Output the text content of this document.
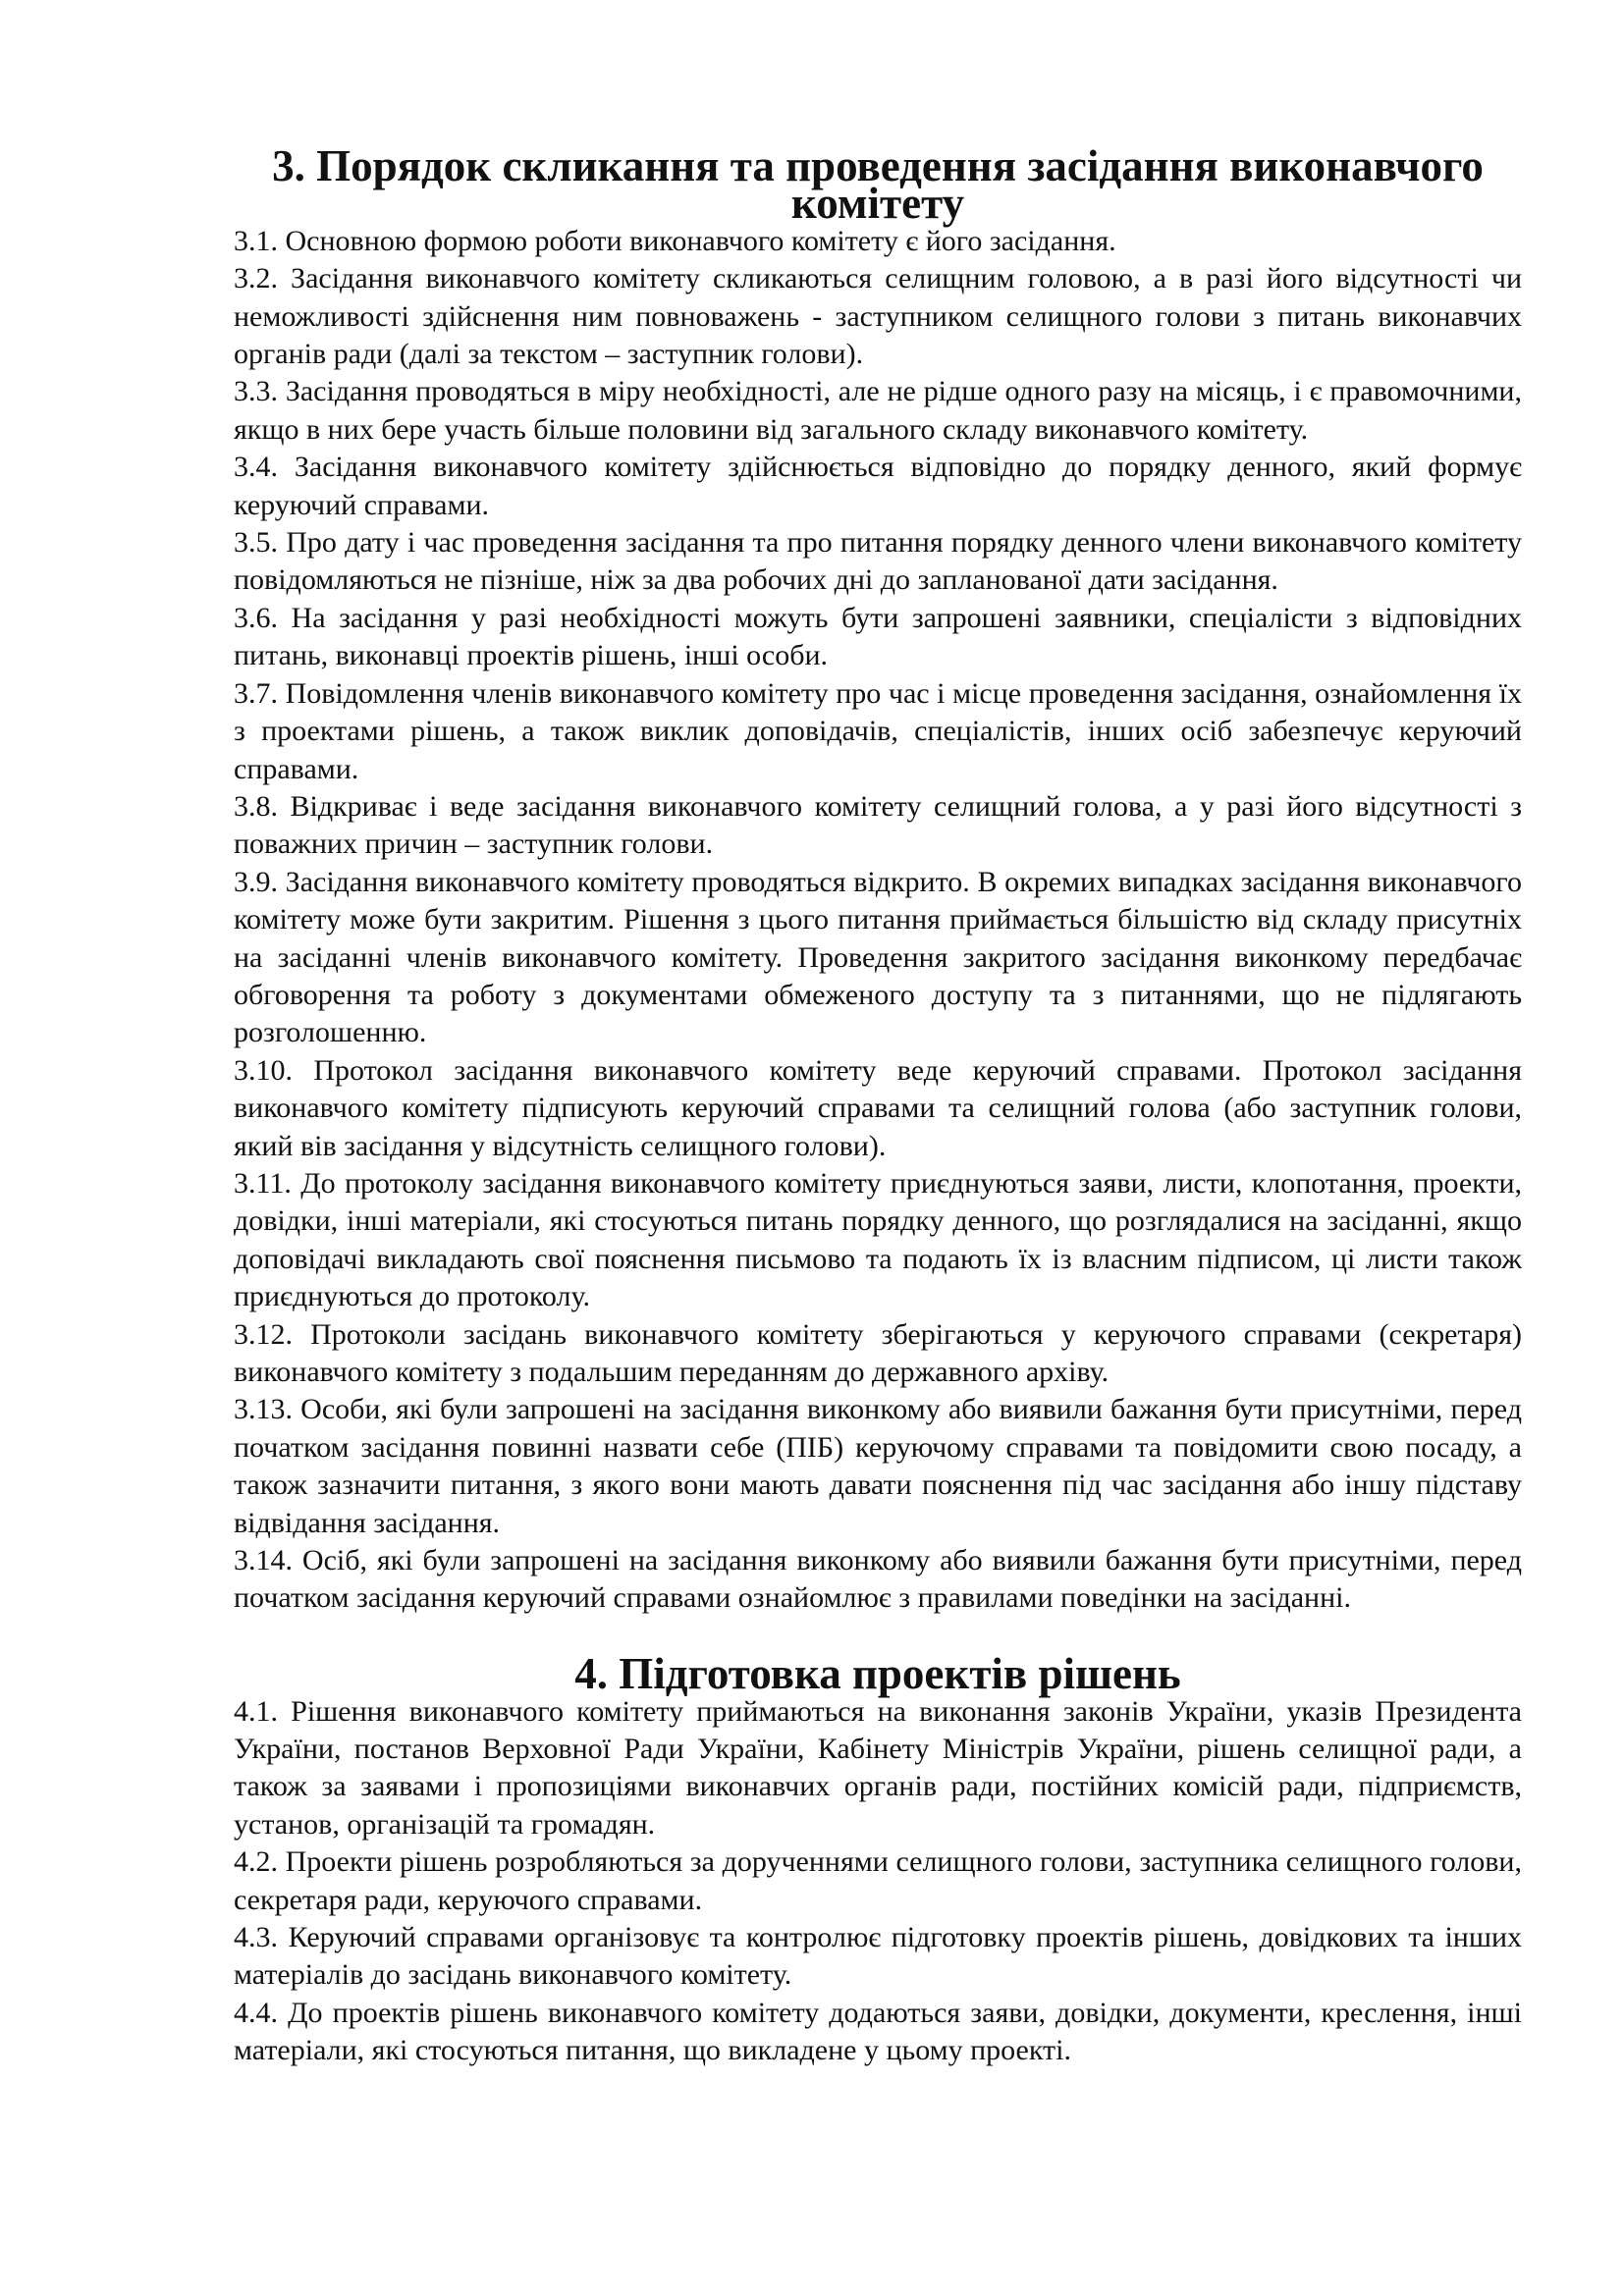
3. Порядок скликання та проведення засідання виконавчого комітету

3.1. Основною формою роботи виконавчого комітету є його засідання.

3.2. Засідання виконавчого комітету скликаються селищним головою, а в разі його відсутності чи неможливості здійснення ним повноважень - заступником селищного голови з питань виконавчих органів ради (далі за текстом – заступник голови).

3.3. Засідання проводяться в міру необхідності, але не рідше одного разу на місяць, і є правомочними, якщо в них бере участь більше половини від загального складу виконавчого комітету.

3.4. Засідання виконавчого комітету здійснюється відповідно до порядку денного, який формує керуючий справами.

3.5. Про дату і час проведення засідання та про питання порядку денного члени виконавчого комітету повідомляються не пізніше, ніж за два робочих дні до запланованої дати засідання.

3.6. На засідання у разі необхідності можуть бути запрошені заявники, спеціалісти з відповідних питань, виконавці проектів рішень, інші особи.

3.7. Повідомлення членів виконавчого комітету про час і місце проведення засідання, ознайомлення їх з проектами рішень, а також виклик доповідачів, спеціалістів, інших осіб забезпечує керуючий справами.

3.8. Відкриває і веде засідання виконавчого комітету селищний голова, а у разі його відсутності з поважних причин – заступник голови.

3.9. Засідання виконавчого комітету проводяться відкрито. В окремих випадках засідання виконавчого комітету може бути закритим. Рішення з цього питання приймається більшістю від складу присутніх на засіданні членів виконавчого комітету. Проведення закритого засідання виконкому передбачає обговорення та роботу з документами обмеженого доступу та з питаннями, що не підлягають розголошенню.

3.10. Протокол засідання виконавчого комітету веде керуючий справами. Протокол засідання виконавчого комітету підписують керуючий справами та селищний голова (або заступник голови, який вів засідання у відсутність селищного голови).

3.11. До протоколу засідання виконавчого комітету приєднуються заяви, листи, клопотання, проекти, довідки, інші матеріали, які стосуються питань порядку денного, що розглядалися на засіданні, якщо доповідачі викладають свої пояснення письмово та подають їх із власним підписом, ці листи також приєднуються до протоколу.

3.12. Протоколи засідань виконавчого комітету зберігаються у керуючого справами (секретаря) виконавчого комітету з подальшим переданням до державного архіву.

3.13. Особи, які були запрошені на засідання виконкому або виявили бажання бути присутніми, перед початком засідання повинні назвати себе (ПІБ) керуючому справами та повідомити свою посаду, а також зазначити питання, з якого вони мають давати пояснення під час засідання або іншу підставу відвідання засідання.

3.14. Осіб, які були запрошені на засідання виконкому або виявили бажання бути присутніми, перед початком засідання керуючий справами ознайомлює з правилами поведінки на засіданні.

4. Підготовка проектів рішень

4.1. Рішення виконавчого комітету приймаються на виконання законів України, указів Президента України, постанов Верховної Ради України, Кабінету Міністрів України, рішень селищної ради, а також за заявами і пропозиціями виконавчих органів ради, постійних комісій ради, підприємств, установ, організацій та громадян.

4.2. Проекти рішень розробляються за дорученнями селищного голови, заступника селищного голови, секретаря ради, керуючого справами.

4.3. Керуючий справами організовує та контролює підготовку проектів рішень, довідкових та інших матеріалів до засідань виконавчого комітету.

4.4. До проектів рішень виконавчого комітету додаються заяви, довідки, документи, креслення, інші матеріали, які стосуються питання, що викладене у цьому проекті.
